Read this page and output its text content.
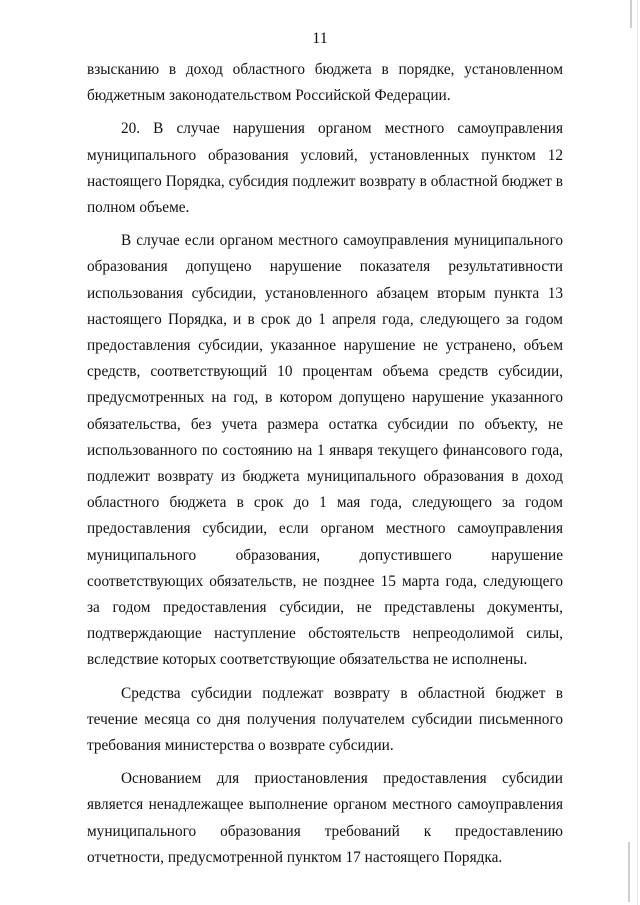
11

взысканию в доход областного бюджета в порядке, установленном бюджетным законодательством Российской Федерации.

20. В случае нарушения органом местного самоуправления муниципального образования условий, установленных пунктом 12 настоящего Порядка, субсидия подлежит возврату в областной бюджет в полном объеме.

В случае если органом местного самоуправления муниципального образования допущено нарушение показателя результативности использования субсидии, установленного абзацем вторым пункта 13 настоящего Порядка, и в срок до 1 апреля года, следующего за годом предоставления субсидии, указанное нарушение не устранено, объем средств, соответствующий 10 процентам объема средств субсидии, предусмотренных на год, в котором допущено нарушение указанного обязательства, без учета размера остатка субсидии по объекту, не использованного по состоянию на 1 января текущего финансового года, подлежит возврату из бюджета муниципального образования в доход областного бюджета в срок до 1 мая года, следующего за годом предоставления субсидии, если органом местного самоуправления муниципального образования, допустившего нарушение соответствующих обязательств, не позднее 15 марта года, следующего за годом предоставления субсидии, не представлены документы, подтверждающие наступление обстоятельств непреодолимой силы, вследствие которых соответствующие обязательства не исполнены.

Средства субсидии подлежат возврату в областной бюджет в течение месяца со дня получения получателем субсидии письменного требования министерства о возврате субсидии.

Основанием для приостановления предоставления субсидии является ненадлежащее выполнение органом местного самоуправления муниципального образования требований к предоставлению отчетности, предусмотренной пунктом 17 настоящего Порядка.
